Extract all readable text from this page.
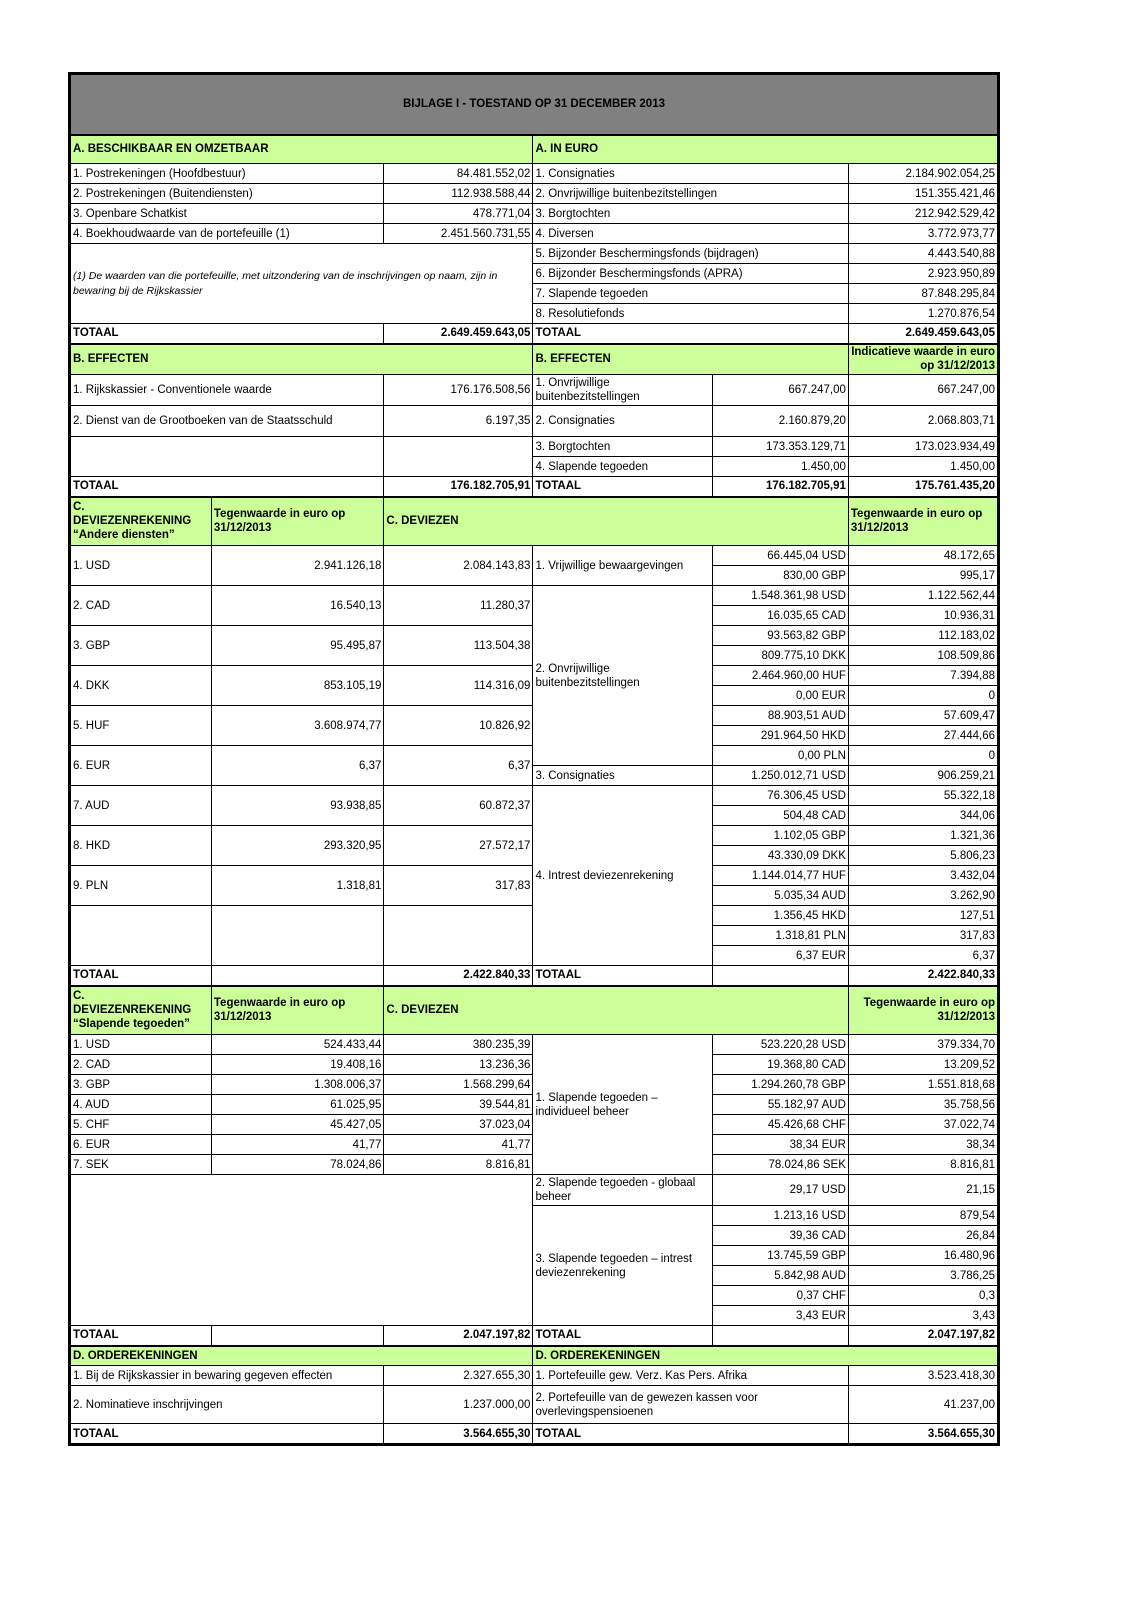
BIJLAGE I - TOESTAND OP 31 DECEMBER 2013					
A. BESCHIKBAAR EN OMZETBAAR			A. IN EURO		
1. Postrekeningen (Hoofdbestuur)		84.481.552,02	1. Consignaties		2.184.902.054,25
2. Postrekeningen (Buitendiensten)		112.938.588,44	2. Onvrijwillige buitenbezitstellingen		151.355.421,46
3. Openbare Schatkist		478.771,04	3. Borgtochten		212.942.529,42
4. Boekhoudwaarde van de portefeuille (1)		2.451.560.731,55	4. Diversen		3.772.973,77
(1) De waarden van die portefeuille, met uitzondering van de inschrijvingen op naam, zijn in bewaring bij de Rijkskassier			5. Bijzonder Beschermingsfonds (bijdragen)		4.443.540,88
			6. Bijzonder Beschermingsfonds (APRA)		2.923.950,89
			7. Slapende tegoeden		87.848.295,84
			8. Resolutiefonds		1.270.876,54
TOTAAL		2.649.459.643,05	TOTAAL		2.649.459.643,05
B. EFFECTEN			B. EFFECTEN		Indicatieve waarde in euro op 31/12/2013
1. Rijkskassier - Conventionele waarde		176.176.508,56	1. Onvrijwillige buitenbezitstellingen	667.247,00	667.247,00
2. Dienst van de Grootboeken van de Staatsschuld		6.197,35	2. Consignaties	2.160.879,20	2.068.803,71
			3. Borgtochten	173.353.129,71	173.023.934,49
			4. Slapende tegoeden	1.450,00	1.450,00
TOTAAL		176.182.705,91	TOTAAL	176.182.705,91	175.761.435,20
C.
DEVIEZENREKENING
“Andere diensten”	Tegenwaarde in euro op 31/12/2013	C. DEVIEZEN			Tegenwaarde in euro op 31/12/2013
1. USD	2.941.126,18	2.084.143,83	1. Vrijwillige bewaargevingen	66.445,04 USD	48.172,65
				830,00 GBP	995,17
2. CAD	16.540,13	11.280,37	2. Onvrijwillige buitenbezitstellingen	1.548.361,98 USD	1.122.562,44
				16.035,65 CAD	10.936,31
3. GBP	95.495,87	113.504,38		93.563,82 GBP	112.183,02
				809.775,10 DKK	108.509,86
4. DKK	853.105,19	114.316,09		2.464.960,00 HUF	7.394,88
				0,00 EUR	0
5. HUF	3.608.974,77	10.826,92		88.903,51 AUD	57.609,47
				291.964,50 HKD	27.444,66
6. EUR	6,37	6,37		0,00 PLN	0
			3. Consignaties	1.250.012,71 USD	906.259,21
7. AUD	93.938,85	60.872,37	4. Intrest deviezenrekening	76.306,45 USD	55.322,18
				504,48 CAD	344,06
8. HKD	293.320,95	27.572,17		1.102,05 GBP	1.321,36
				43.330,09 DKK	5.806,23
9. PLN	1.318,81	317,83		1.144.014,77 HUF	3.432,04
				5.035,34 AUD	3.262,90
				1.356,45 HKD	127,51
				1.318,81 PLN	317,83
				6,37 EUR	6,37
TOTAAL		2.422.840,33	TOTAAL		2.422.840,33
C.
DEVIEZENREKENING
“Slapende tegoeden”	Tegenwaarde in euro op 31/12/2013	C. DEVIEZEN			Tegenwaarde in euro op 31/12/2013
1. USD	524.433,44	380.235,39	1. Slapende tegoeden – individueel beheer	523.220,28 USD	379.334,70
2. CAD	19.408,16	13.236,36		19.368,80 CAD	13.209,52
3. GBP	1.308.006,37	1.568.299,64		1.294.260,78 GBP	1.551.818,68
4. AUD	61.025,95	39.544,81		55.182,97 AUD	35.758,56
5. CHF	45.427,05	37.023,04		45.426,68 CHF	37.022,74
6. EUR	41,77	41,77		38,34 EUR	38,34
7. SEK	78.024,86	8.816,81		78.024,86 SEK	8.816,81
			2. Slapende tegoeden - globaal beheer	29,17 USD	21,15
			3. Slapende tegoeden – intrest deviezenrekening	1.213,16 USD	879,54
				39,36 CAD	26,84
				13.745,59 GBP	16.480,96
				5.842,98 AUD	3.786,25
				0,37 CHF	0,3
				3,43 EUR	3,43
TOTAAL		2.047.197,82	TOTAAL		2.047.197,82
D. ORDEREKENINGEN			D. ORDEREKENINGEN		
1. Bij de Rijkskassier in bewaring gegeven effecten		2.327.655,30	1. Portefeuille gew. Verz. Kas Pers. Afrika		3.523.418,30
2. Nominatieve inschrijvingen		1.237.000,00	2. Portefeuille van de gewezen kassen voor overlevingspensioenen		41.237,00
TOTAAL		3.564.655,30	TOTAAL		3.564.655,30
